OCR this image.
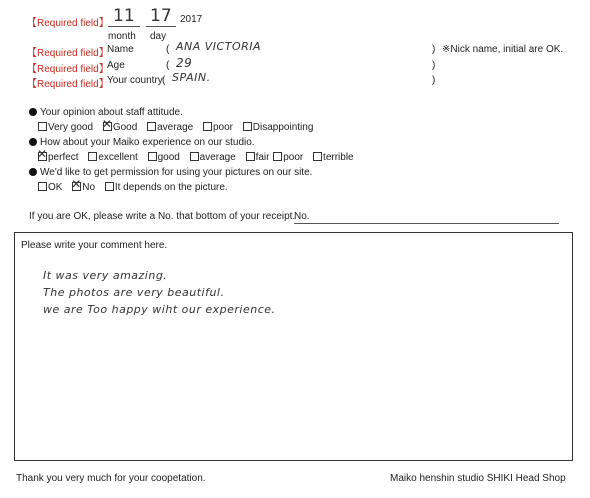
【Required field】 11 17 2017
month day
【Required field】
Name	( ANA VICTORIA	) ※Nick name, initial are OK.
【Required field】
Age	( 29	)
【Required field】
Your country ( SPAIN.	)
Your opinion about staff attitude.
Very good ✕ Good average poor Disappointing
How about your Maiko experience on our studio.
✕perfect excellent good average fair poor terrible
We'd like to get permission for using your pictures on our site.
OK ✕ No It depends on the picture.
If you are OK, please write a No. that bottom of your receipt.
No.
Please write your comment here.
It was very amazing.
The photos are very beautiful.
we are Too happy wiht our experience.
Thank you very much for your coopetation.	Maiko henshin studio SHIKI Head Shop
